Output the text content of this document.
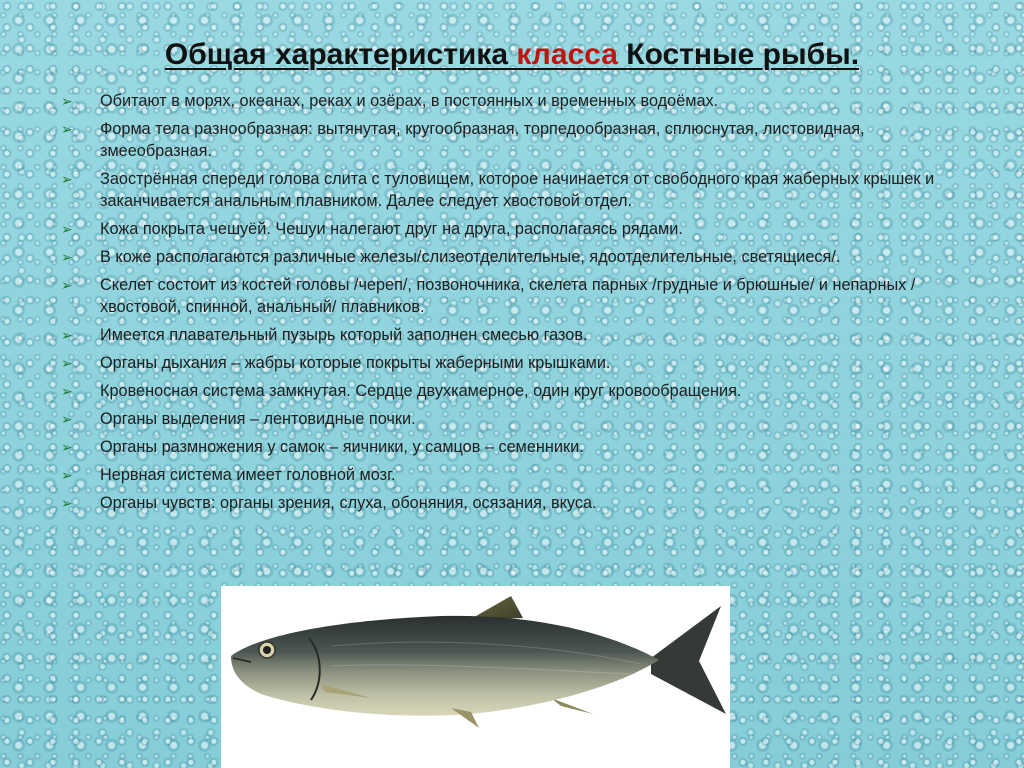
Общая характеристика класса Костные рыбы.
➢ Обитают в морях, океанах, реках и озёрах, в постоянных и временных водоёмах.
➢ Форма тела разнообразная: вытянутая, кругообразная, торпедообразная, сплюснутая, листовидная, змееобразная.
➢ Заострённая спереди голова слита с туловищем, которое начинается от свободного края жаберных крышек и заканчивается анальным плавником. Далее следует хвостовой отдел.
➢ Кожа покрыта чешуёй. Чешуи налегают друг на друга, располагаясь рядами.
➢ В коже располагаются различные железы/слизеотделительные, ядоотделительные, светящиеся/.
➢ Скелет состоит из костей головы /череп/, позвоночника, скелета парных /грудные и брюшные/ и непарных /хвостовой, спинной, анальный/ плавников.
➢ Имеется плавательный пузырь который заполнен смесью газов.
➢ Органы дыхания – жабры которые покрыты жаберными крышками.
➢ Кровеносная система замкнутая. Сердце двухкамерное, один круг кровообращения.
➢ Органы выделения – лентовидные почки.
➢ Органы размножения у самок – яичники, у самцов – семенники.
➢ Нервная система имеет головной мозг.
➢ Органы чувств: органы зрения, слуха, обоняния, осязания, вкуса.
